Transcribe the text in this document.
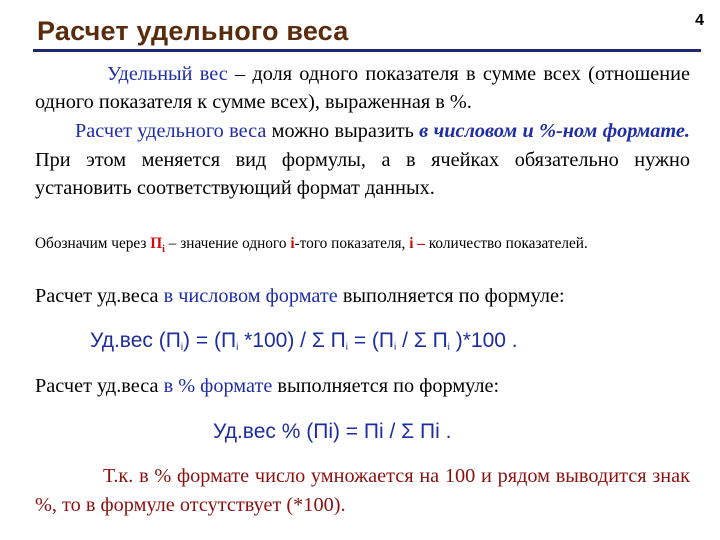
Расчет удельного веса	4
Удельный вес – доля одного показателя в сумме всех (отношение одного показателя к сумме всех), выраженная в %.
Расчет удельного веса можно выразить в числовом и %-ном формате. При этом меняется вид формулы, а в ячейках обязательно нужно установить соответствующий формат данных.
Обозначим через $П_i$ – значение одного i-того показателя, i – количество показателей.
Расчет уд.веса в числовом формате выполняется по формуле:
Уд.вес $(П_i) = (П_i$ *100) / Σ $П_i = (П_i / \Sigma$ $П_i$ )*100 .
Расчет уд.веса в % формате выполняется по формуле:
Уд.вес % (Пi) = Пi / Σ Пi .
Т.к. в % формате число умножается на 100 и рядом выводится знак %, то в формуле отсутствует (*100).
